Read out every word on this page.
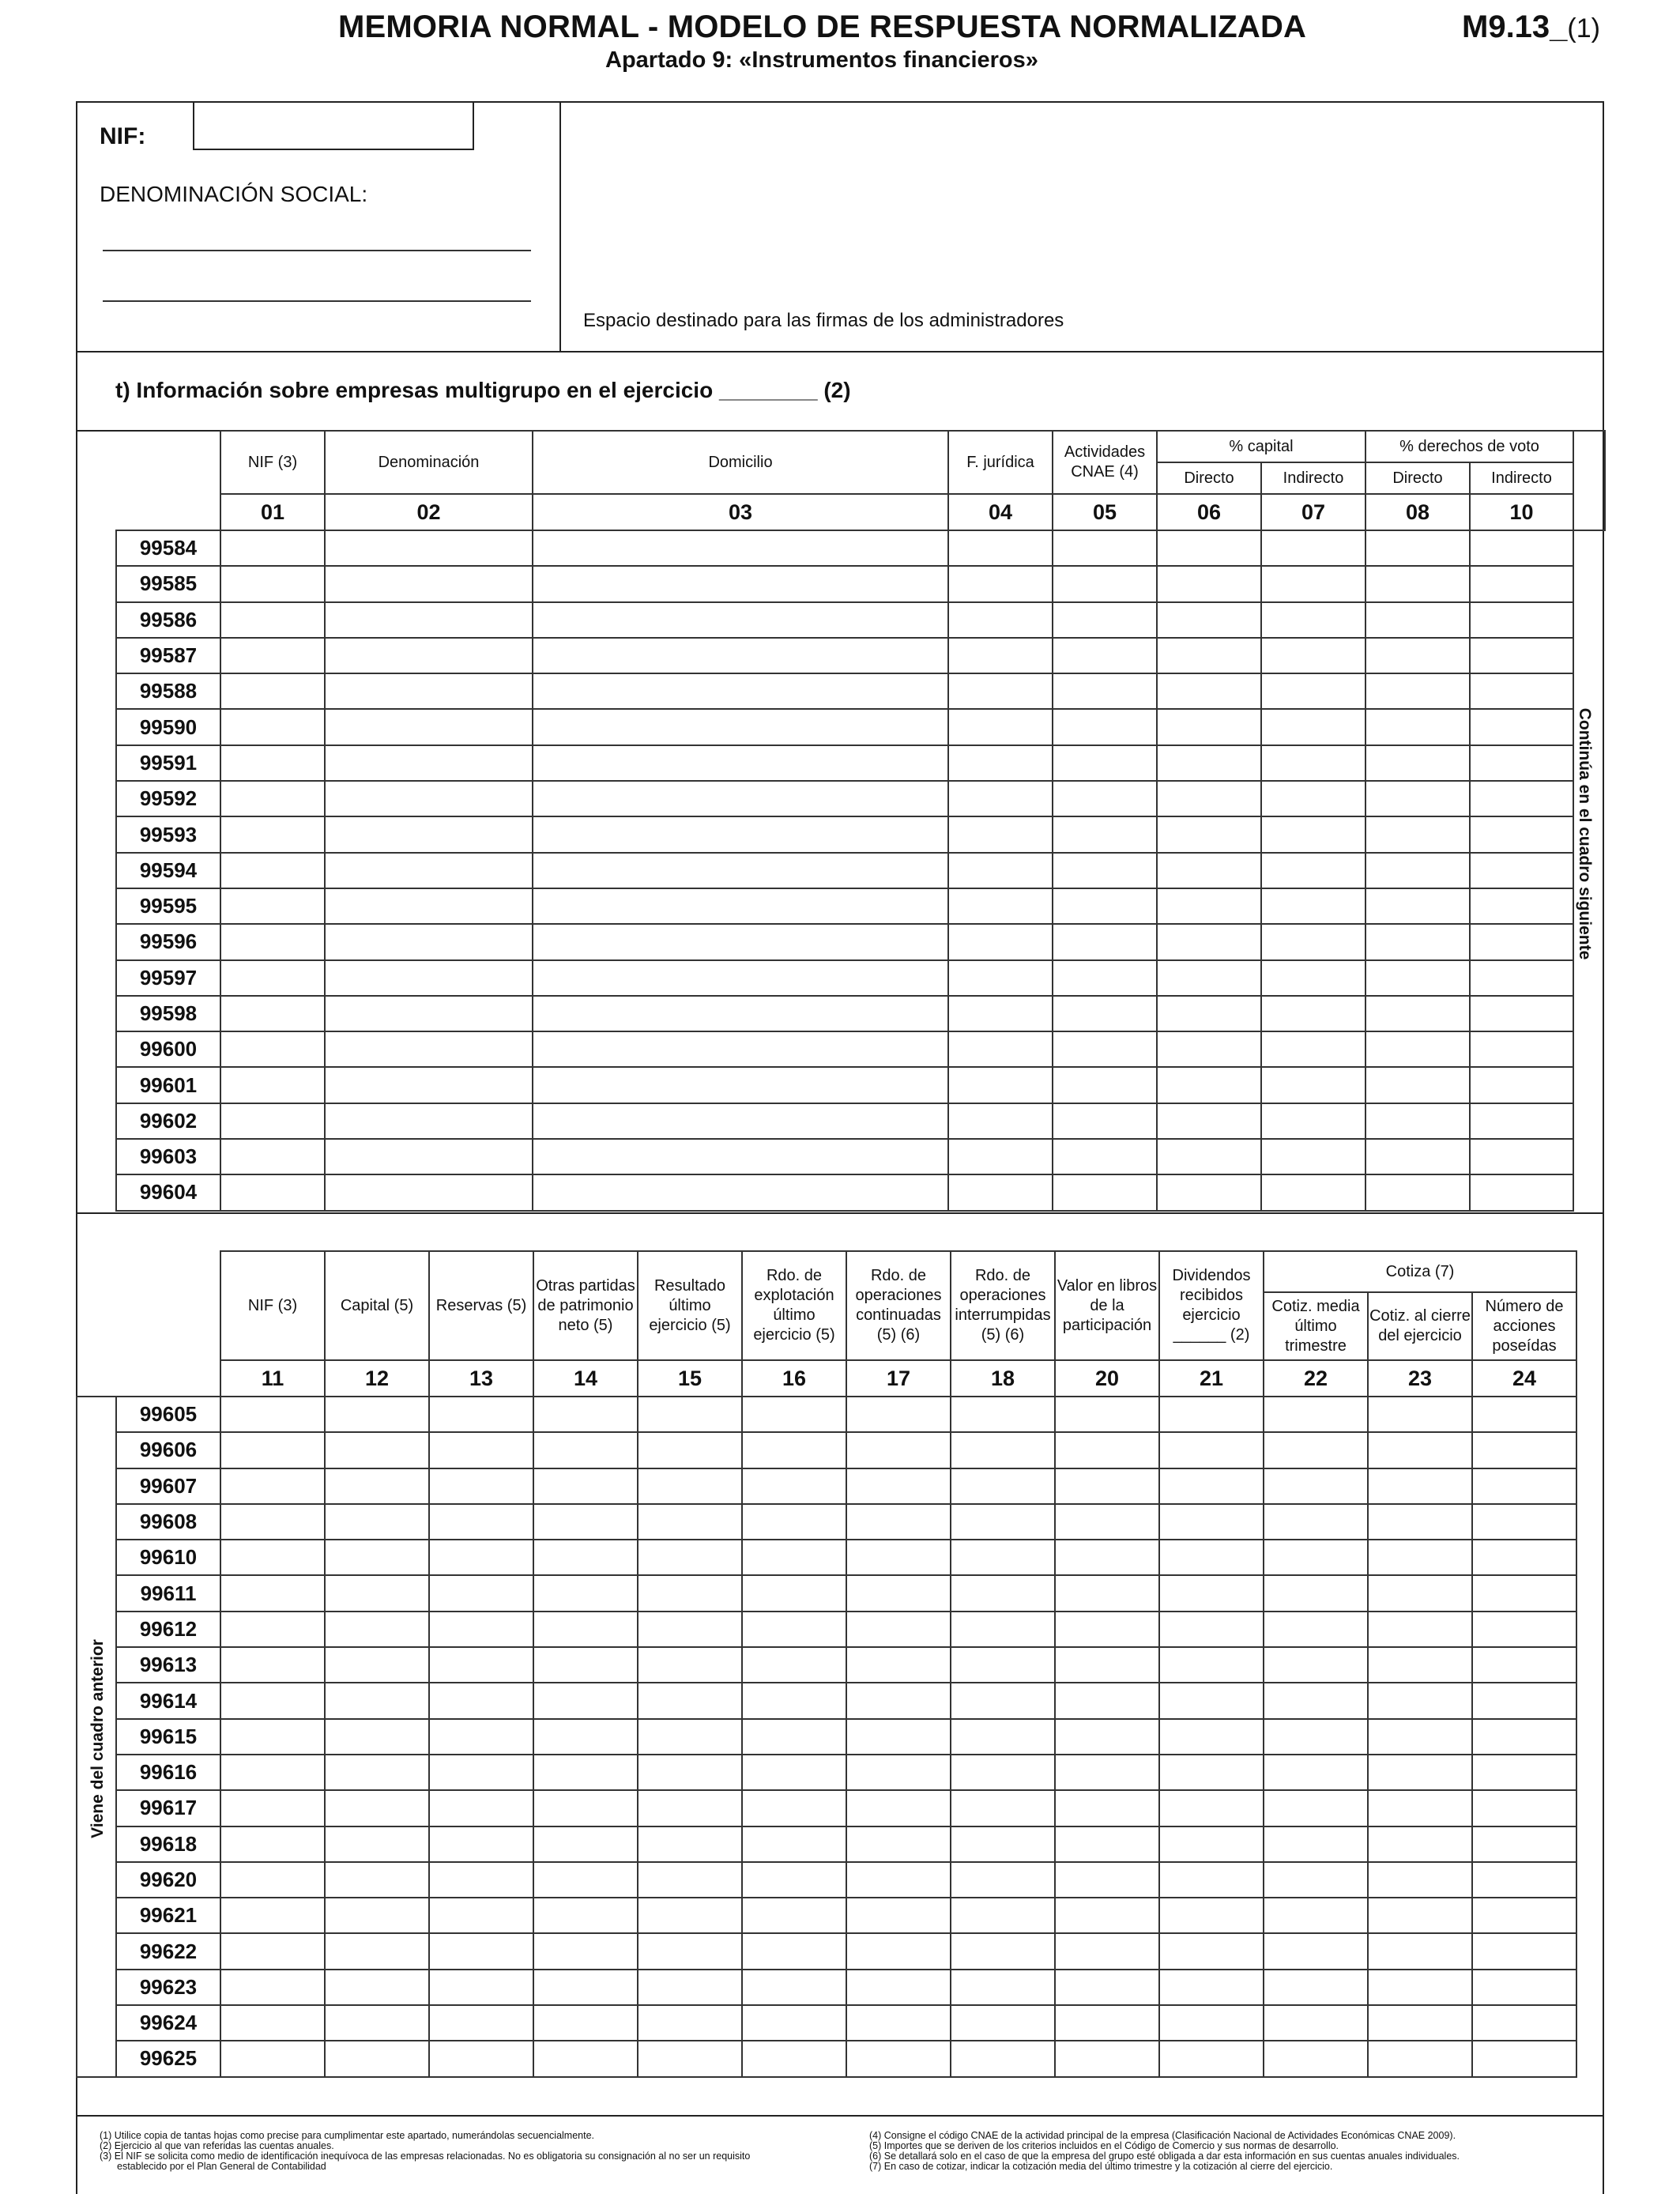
MEMORIA NORMAL - MODELO DE RESPUESTA NORMALIZADA
Apartado 9: «Instrumentos financieros»
M9.13_(1)
NIF:
DENOMINACIÓN SOCIAL:
Espacio destinado para las firmas de los administradores
t) Información sobre empresas multigrupo en el ejercicio ________ (2)
	NIF (3)	Denominación	Domicilio	F. jurídica	Actividades CNAE (4)	% capital		% derechos de voto		
						Directo	Indirecto	Directo	Indirecto	
	01	02	03	04	05	06	07	08	10	
99584										
99585										
99586										
99587										
99588										
99590										
99591										
99592										
99593										
99594										
99595										
99596										
99597										
99598										
99600										
99601										
99602										
99603										
99604										
Continúa en el cuadro siguiente
		NIF (3)	Capital (5)	Reservas (5)	Otras partidas de patrimonio neto (5)	Resultado último ejercicio (5)	Rdo. de explotación último ejercicio (5)	Rdo. de operaciones continuadas (5) (6)	Rdo. de operaciones interrumpidas (5) (6)	Valor en libros de la participación	Dividendos recibidos ejercicio ______ (2)	Cotiza (7)		
												Cotiz. media último trimestre	Cotiz. al cierre del ejercicio	Número de acciones poseídas
		11	12	13	14	15	16	17	18	20	21	22	23	24
	99605													
	99606													
	99607													
	99608													
	99610													
	99611													
	99612													
	99613													
	99614													
	99615													
	99616													
	99617													
	99618													
	99620													
	99621													
	99622													
	99623													
	99624													
	99625													
Viene del cuadro anterior
(1) Utilice copia de tantas hojas como precise para cumplimentar este apartado, numerándolas secuencialmente.
(2) Ejercicio al que van referidas las cuentas anuales.
(3) El NIF se solicita como medio de identificación inequívoca de las empresas relacionadas. No es obligatoria su consignación al no ser un requisito
establecido por el Plan General de Contabilidad
(4) Consigne el código CNAE de la actividad principal de la empresa (Clasificación Nacional de Actividades Económicas CNAE 2009).
(5) Importes que se deriven de los criterios incluidos en el Código de Comercio y sus normas de desarrollo.
(6) Se detallará solo en el caso de que la empresa del grupo esté obligada a dar esta información en sus cuentas anuales individuales.
(7) En caso de cotizar, indicar la cotización media del último trimestre y la cotización al cierre del ejercicio.
